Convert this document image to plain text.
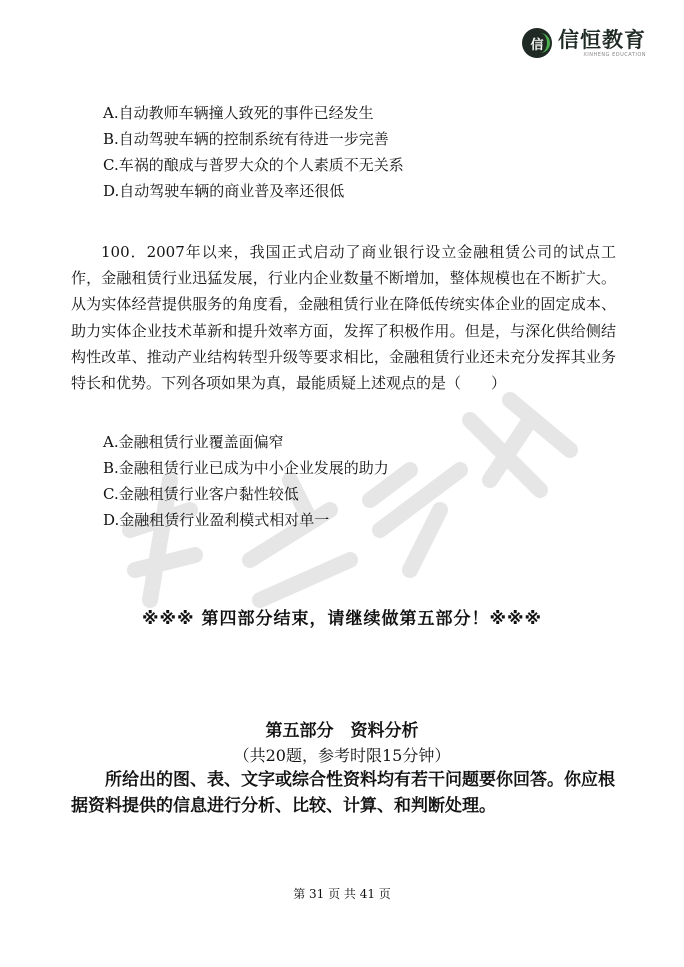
信 信恒教育
XINHENG EDUCATION
A.自动教师车辆撞人致死的事件已经发生
B.自动驾驶车辆的控制系统有待进一步完善
C.车祸的酿成与普罗大众的个人素质不无关系
D.自动驾驶车辆的商业普及率还很低
100．2007年以来，我国正式启动了商业银行设立金融租赁公司的试点工作，金融租赁行业迅猛发展，行业内企业数量不断增加，整体规模也在不断扩大。从为实体经营提供服务的角度看，金融租赁行业在降低传统实体企业的固定成本、助力实体企业技术革新和提升效率方面，发挥了积极作用。但是，与深化供给侧结构性改革、推动产业结构转型升级等要求相比，金融租赁行业还未充分发挥其业务特长和优势。下列各项如果为真，最能质疑上述观点的是（　　）
A.金融租赁行业覆盖面偏窄
B.金融租赁行业已成为中小企业发展的助力
C.金融租赁行业客户黏性较低
D.金融租赁行业盈利模式相对单一
※※※ 第四部分结束，请继续做第五部分！※※※
第五部分　资料分析
（共20题，参考时限15分钟）
所给出的图、表、文字或综合性资料均有若干问题要你回答。你应根据资料提供的信息进行分析、比较、计算、和判断处理。
第 31 页 共 41 页
